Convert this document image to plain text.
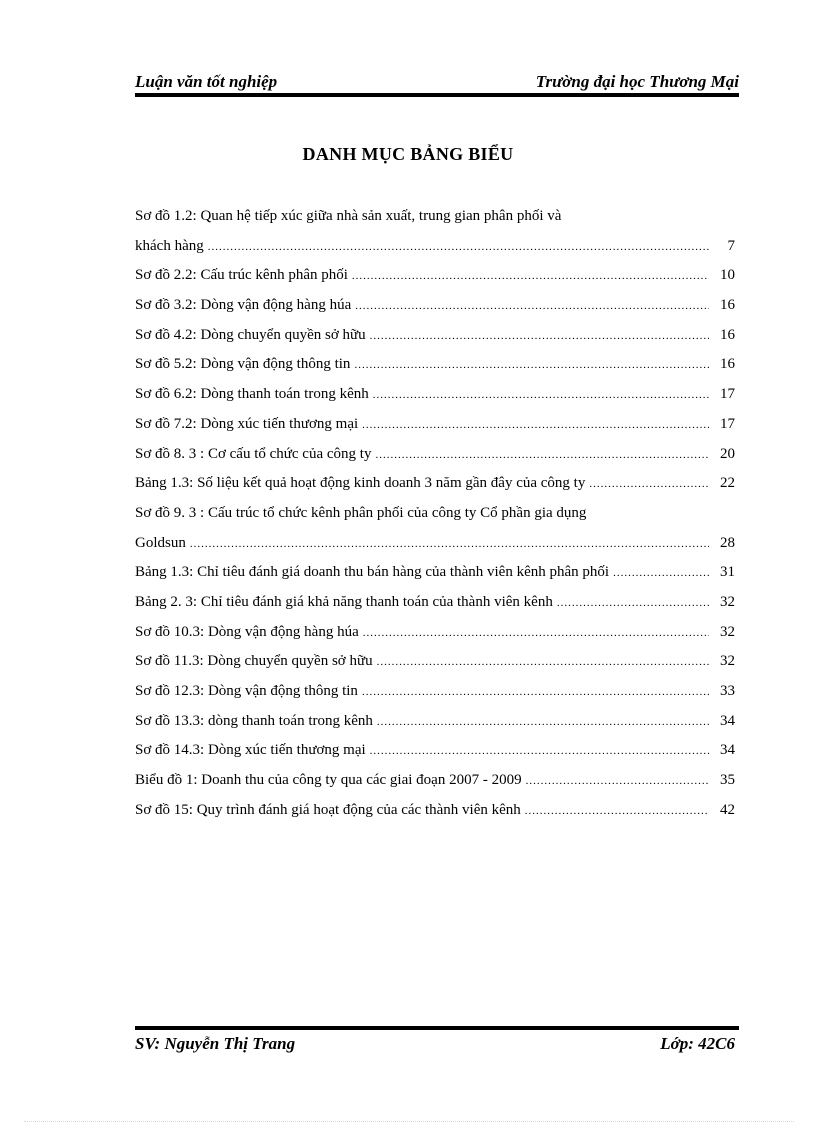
Luận văn tốt nghiệp	Trường đại học Thương Mại
DANH MỤC BẢNG BIỂU
Sơ đồ 1.2: Quan hệ tiếp xúc giữa nhà sản xuất, trung gian phân phối và
khách hàng .....	7
Sơ đồ 2.2: Cấu trúc kênh phân phối .....	10
Sơ đồ 3.2: Dòng vận động hàng húa .....	16
Sơ đồ 4.2: Dòng chuyển quyền sở hữu .....	16
Sơ đồ 5.2: Dòng vận động thông tin .....	16
Sơ đồ 6.2: Dòng thanh toán trong kênh .....	17
Sơ đồ 7.2: Dòng xúc tiến thương mại .....	17
Sơ đồ 8. 3 : Cơ cấu tổ chức của công ty .....	20
Bảng 1.3: Số liệu kết quả hoạt động kinh doanh 3 năm gần đây của công ty .....	22
Sơ đồ 9. 3 : Cấu trúc tổ chức kênh phân phối của công ty Cổ phần gia dụng
Goldsun .....	28
Bảng 1.3: Chỉ tiêu đánh giá doanh thu bán hàng của thành viên kênh phân phối .....	31
Bảng 2. 3: Chỉ tiêu đánh giá khả năng thanh toán của thành viên kênh .....	32
Sơ đồ 10.3: Dòng vận động hàng húa .....	32
Sơ đồ 11.3: Dòng chuyển quyền sở hữu .....	32
Sơ đồ 12.3: Dòng vận động thông tin .....	33
Sơ đồ 13.3: dòng thanh toán trong kênh .....	34
Sơ đồ 14.3: Dòng xúc tiến thương mại .....	34
Biểu đồ 1: Doanh thu của công ty qua các giai đoạn 2007 - 2009 .....	35
Sơ đồ 15: Quy trình đánh giá hoạt động của các thành viên kênh .....	42
SV: Nguyễn Thị Trang	Lớp: 42C6
